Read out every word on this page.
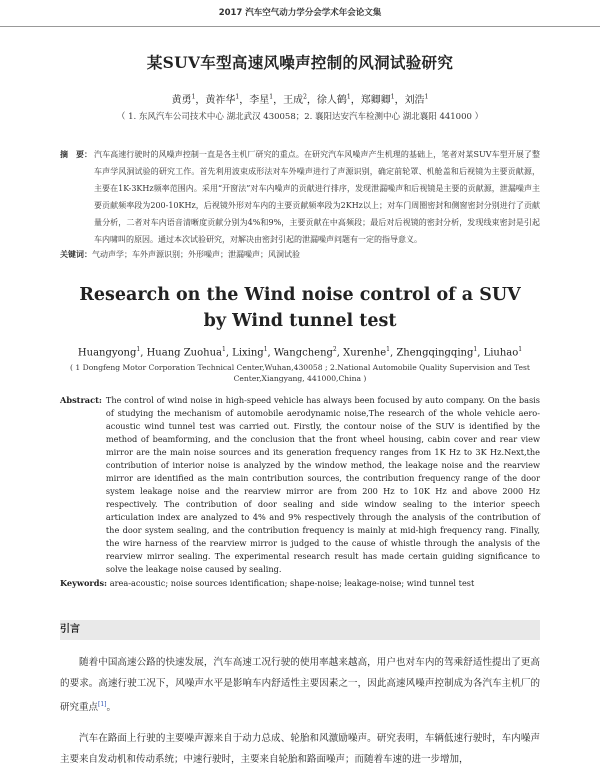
2017 汽车空气动力学分会学术年会论文集
某SUV车型高速风噪声控制的风洞试验研究
黄勇$^1$，黄祚华$^1$，李星$^1$，王成$^2$，徐人鹤$^1$，郑卿卿$^1$，刘浩$^1$
（ 1. 东风汽车公司技术中心 湖北武汉 430058；2. 襄阳达安汽车检测中心 湖北襄阳 441000 ）
摘　要： 汽车高速行驶时的风噪声控制一直是各主机厂研究的重点。在研究汽车风噪声产生机理的基础上，笔者对某SUV车型开展了整车声学风洞试验的研究工作。首先利用波束成形法对车外噪声进行了声源识别，确定前轮罩、机舱盖和后视镜为主要贡献源，主要在1K-3KHz频率范围内。采用“开窗法”对车内噪声的贡献进行排序，发现泄漏噪声和后视镜是主要的贡献源，泄漏噪声主要贡献频率段为200-10KHz，后视镜外形对车内的主要贡献频率段为2KHz以上；对车门周圈密封和侧窗密封分别进行了贡献量分析，二者对车内语音清晰度贡献分别为4%和9%，主要贡献在中高频段；最后对后视镜的密封分析，发现线束密封是引起车内啸叫的原因。通过本次试验研究，对解决由密封引起的泄漏噪声问题有一定的指导意义。
关键词：气动声学；车外声源识别；外形噪声；泄漏噪声；风洞试验
Research on the Wind noise control of a SUV
by Wind tunnel test
Huangyong$^1$, Huang Zuohua$^1$, Lixing$^1$, Wangcheng$^2$, Xurenhe$^1$, Zhengqingqing$^1$, Liuhao$^1$
( 1 Dongfeng Motor Corporation Technical Center,Wuhan,430058 ; 2.National Automobile Quality Supervision and Test Center,Xiangyang, 441000,China )
Abstract: The control of wind noise in high-speed vehicle has always been focused by auto company. On the basis of studying the mechanism of automobile aerodynamic noise,The research of the whole vehicle aero-acoustic wind tunnel test was carried out. Firstly, the contour noise of the SUV is identified by the method of beamforming, and the conclusion that the front wheel housing, cabin cover and rear view mirror are the main noise sources and its generation frequency ranges from 1K Hz to 3K Hz.Next,the contribution of interior noise is analyzed by the window method, the leakage noise and the rearview mirror are identified as the main contribution sources, the contribution frequency range of the door system leakage noise and the rearview mirror are from 200 Hz to 10K Hz and above 2000 Hz respectively. The contribution of door sealing and side window sealing to the interior speech articulation index are analyzed to 4% and 9% respectively through the analysis of the contribution of the door system sealing, and the contribution frequency is mainly at mid-high frequency rang. Finally, the wire harness of the rearview mirror is judged to the cause of whistle through the analysis of the rearview mirror sealing. The experimental research result has made certain guiding significance to solve the leakage noise caused by sealing.
Keywords: area-acoustic; noise sources identification; shape-noise; leakage-noise; wind tunnel test
引言

随着中国高速公路的快速发展，汽车高速工况行驶的使用率越来越高，用户也对车内的驾乘舒适性提出了更高的要求。高速行驶工况下，风噪声水平是影响车内舒适性主要因素之一，因此高速风噪声控制成为各汽车主机厂的研究重点[1]。

汽车在路面上行驶的主要噪声源来自于动力总成、轮胎和风激励噪声。研究表明，车辆低速行驶时，车内噪声主要来自发动机和传动系统；中速行驶时，主要来自轮胎和路面噪声；而随着车速的进一步增加，
